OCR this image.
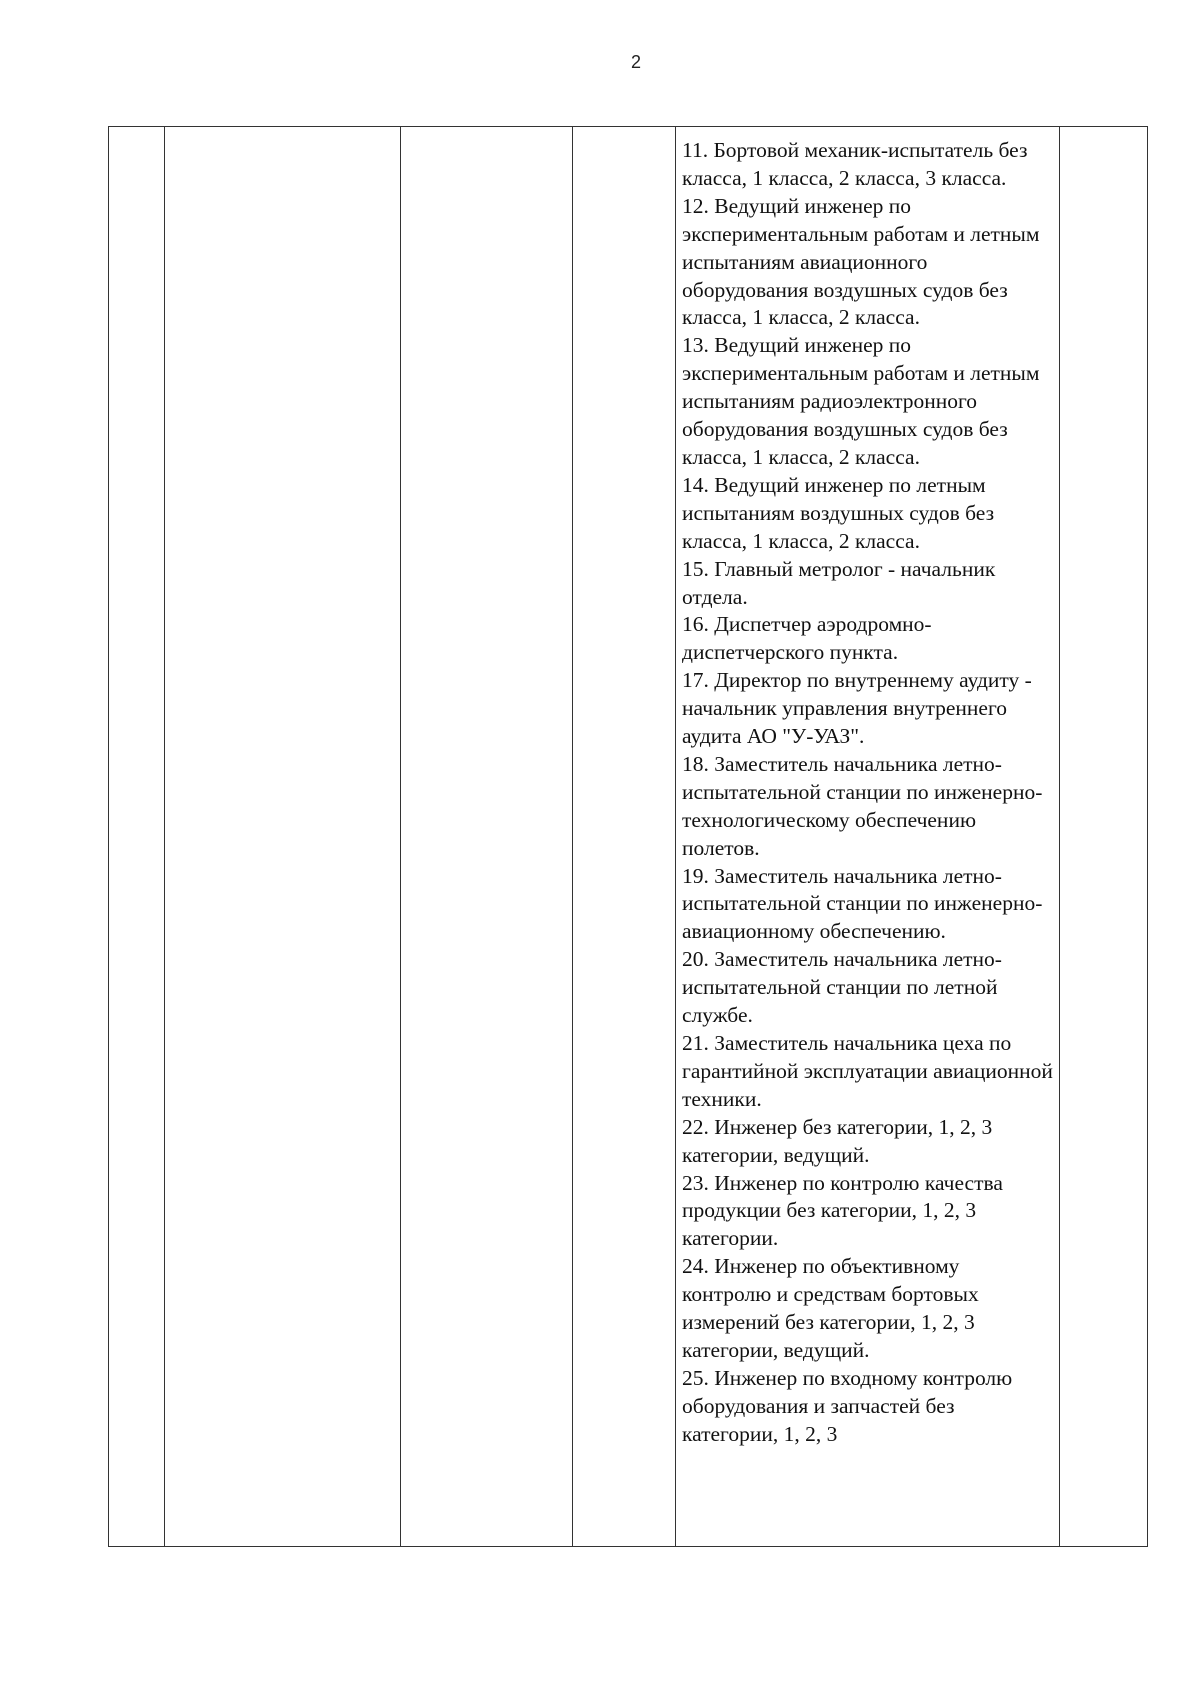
2

11. Бортовой механик-испытатель без класса, 1 класса, 2 класса, 3 класса.
12. Ведущий инженер по экспериментальным работам и летным испытаниям авиационного оборудования воздушных судов без класса, 1 класса, 2 класса.
13. Ведущий инженер по экспериментальным работам и летным испытаниям радиоэлектронного оборудования воздушных судов без класса, 1 класса, 2 класса.
14. Ведущий инженер по летным испытаниям воздушных судов без класса, 1 класса, 2 класса.
15. Главный метролог - начальник отдела.
16. Диспетчер аэродромно-диспетчерского пункта.
17. Директор по внутреннему аудиту - начальник управления внутреннего аудита АО "У-УАЗ".
18. Заместитель начальника летно-испытательной станции по инженерно-технологическому обеспечению полетов.
19. Заместитель начальника летно-испытательной станции по инженерно-авиационному обеспечению.
20. Заместитель начальника летно-испытательной станции по летной службе.
21. Заместитель начальника цеха по гарантийной эксплуатации авиационной техники.
22. Инженер без категории, 1, 2, 3 категории, ведущий.
23. Инженер по контролю качества продукции без категории, 1, 2, 3 категории.
24. Инженер по объективному контролю и средствам бортовых измерений без категории, 1, 2, 3 категории, ведущий.
25. Инженер по входному контролю оборудования и запчастей без категории, 1, 2, 3
